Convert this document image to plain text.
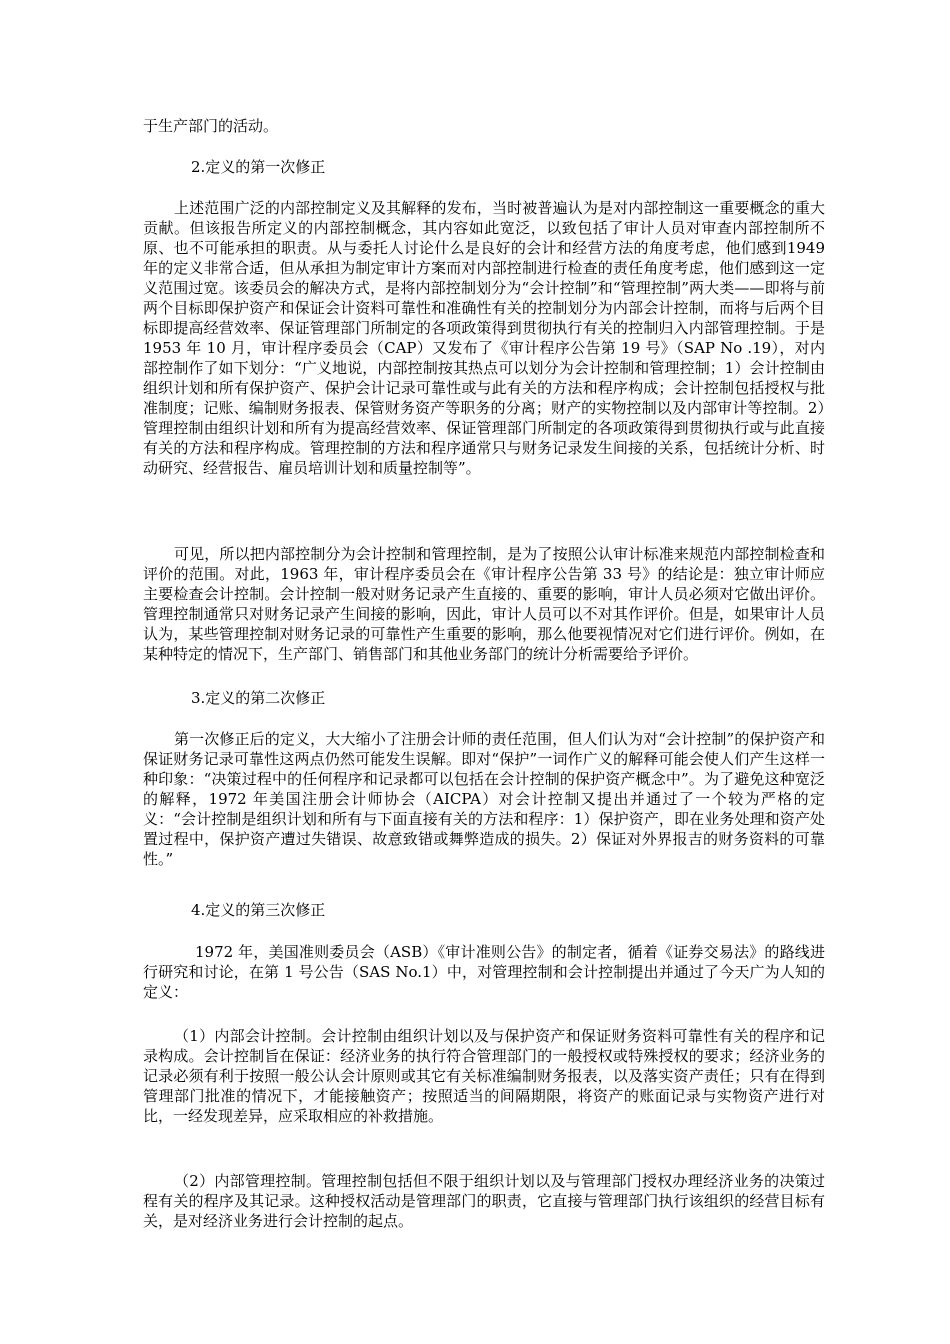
于生产部门的活动。

2.定义的第一次修正

上述范围广泛的内部控制定义及其解释的发布，当时被普遍认为是对内部控制这一重要概念的重大贡献。但该报告所定义的内部控制概念，其内容如此宽泛，以致包括了审计人员对审查内部控制所不原、也不可能承担的职责。从与委托人讨论什么是良好的会计和经营方法的角度考虑，他们感到1949年的定义非常合适，但从承担为制定审计方案而对内部控制进行检查的责任角度考虑，他们感到这一定义范围过宽。该委员会的解决方式，是将内部控制划分为“会计控制”和“管理控制”两大类——即将与前两个目标即保护资产和保证会计资料可靠性和准确性有关的控制划分为内部会计控制，而将与后两个目标即提高经营效率、保证管理部门所制定的各项政策得到贯彻执行有关的控制归入内部管理控制。于是 1953 年 10 月，审计程序委员会（CAP）又发布了《审计程序公告第 19 号》（SAP No .19），对内部控制作了如下划分：“广义地说，内部控制按其热点可以划分为会计控制和管理控制；1）会计控制由组织计划和所有保护资产、保护会计记录可靠性或与此有关的方法和程序构成；会计控制包括授权与批准制度；记账、编制财务报表、保管财务资产等职务的分离；财产的实物控制以及内部审计等控制。2）管理控制由组织计划和所有为提高经营效率、保证管理部门所制定的各项政策得到贯彻执行或与此直接有关的方法和程序构成。管理控制的方法和程序通常只与财务记录发生间接的关系，包括统计分析、时动研究、经营报告、雇员培训计划和质量控制等”。

可见，所以把内部控制分为会计控制和管理控制，是为了按照公认审计标准来规范内部控制检查和评价的范围。对此，1963 年，审计程序委员会在《审计程序公告第 33 号》的结论是：独立审计师应主要检查会计控制。会计控制一般对财务记录产生直接的、重要的影响，审计人员必须对它做出评价。管理控制通常只对财务记录产生间接的影响，因此，审计人员可以不对其作评价。但是，如果审计人员认为，某些管理控制对财务记录的可靠性产生重要的影响，那么他要视情况对它们进行评价。例如，在某种特定的情况下，生产部门、销售部门和其他业务部门的统计分析需要给予评价。

3.定义的第二次修正

第一次修正后的定义，大大缩小了注册会计师的责任范围，但人们认为对“会计控制”的保护资产和保证财务记录可靠性这两点仍然可能发生误解。即对“保护”一词作广义的解释可能会使人们产生这样一种印象：“决策过程中的任何程序和记录都可以包括在会计控制的保护资产概念中”。为了避免这种宽泛的解释，1972 年美国注册会计师协会（AICPA）对会计控制又提出并通过了一个较为严格的定义：“会计控制是组织计划和所有与下面直接有关的方法和程序：1）保护资产，即在业务处理和资产处置过程中，保护资产遭过失错误、故意致错或舞弊造成的损失。2）保证对外界报吉的财务资料的可靠性。”

4.定义的第三次修正

1972 年，美国准则委员会（ASB）《审计准则公告》的制定者，循着《证券交易法》的路线进行研究和讨论，在第 1 号公告（SAS No.1）中，对管理控制和会计控制提出并通过了今天广为人知的定义：

（1）内部会计控制。会计控制由组织计划以及与保护资产和保证财务资料可靠性有关的程序和记录构成。会计控制旨在保证：经济业务的执行符合管理部门的一般授权或特殊授权的要求；经济业务的记录必须有利于按照一般公认会计原则或其它有关标准编制财务报表，以及落实资产责任；只有在得到管理部门批准的情况下，才能接触资产；按照适当的间隔期限，将资产的账面记录与实物资产进行对比，一经发现差异，应采取相应的补救措施。

（2）内部管理控制。管理控制包括但不限于组织计划以及与管理部门授权办理经济业务的决策过程有关的程序及其记录。这种授权活动是管理部门的职责，它直接与管理部门执行该组织的经营目标有关，是对经济业务进行会计控制的起点。
